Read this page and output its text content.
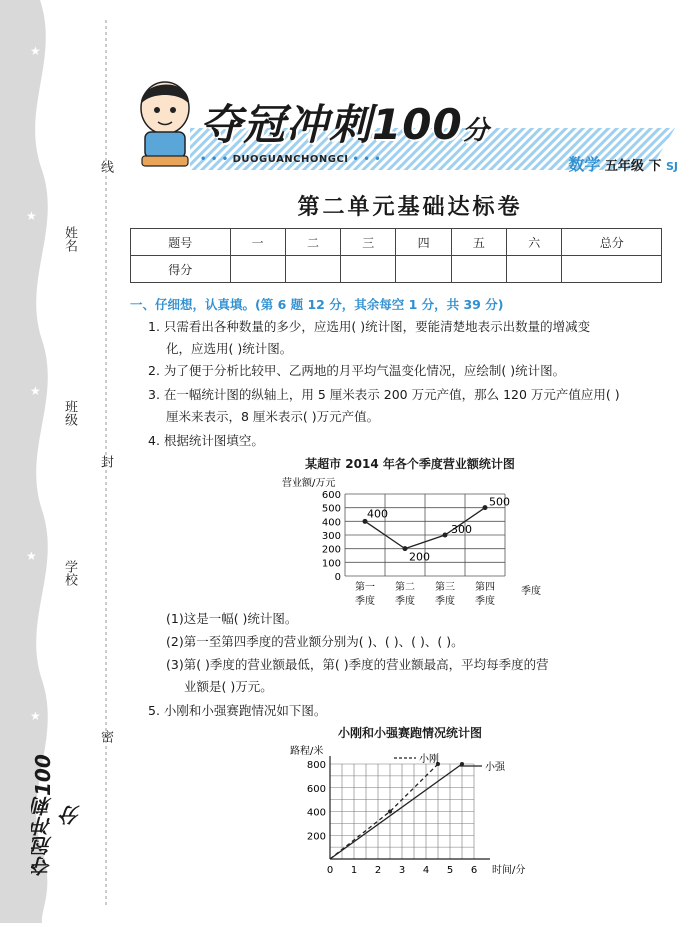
★
★
★
★
★
线
姓名
班级
封
学校
密
夺冠冲刺100分
夺冠冲刺100分
• • • DUOGUANCHONGCI • • •	数学 五年级 下 SJ
第二单元基础达标卷
题号	一	二	三	四	五	六	总分
得分							
一、仔细想，认真填。(第 6 题 12 分，其余每空 1 分，共 39 分)
1. 只需看出各种数量的多少，应选用( )统计图，要能清楚地表示出数量的增减变
化，应选用( )统计图。
2. 为了便于分析比较甲、乙两地的月平均气温变化情况，应绘制( )统计图。
3. 在一幅统计图的纵轴上，用 5 厘米表示 200 万元产值，那么 120 万元产值应用( )
厘米来表示，8 厘米表示( )万元产值。
4. 根据统计图填空。
某超市 2014 年各个季度营业额统计图
营业额/万元
0
100
200
300
400
500
600
400
200
300
500
第一
季度
第二
季度
第三
季度
第四
季度
季度
(1)这是一幅( )统计图。
(2)第一至第四季度的营业额分别为( )、( )、( )、( )。
(3)第( )季度的营业额最低，第( )季度的营业额最高，平均每季度的营
业额是( )万元。
5. 小刚和小强赛跑情况如下图。
小刚和小强赛跑情况统计图
路程/米
200
400
600
800
0 1 2 3 4 5 6 时间/分
小刚
小强
